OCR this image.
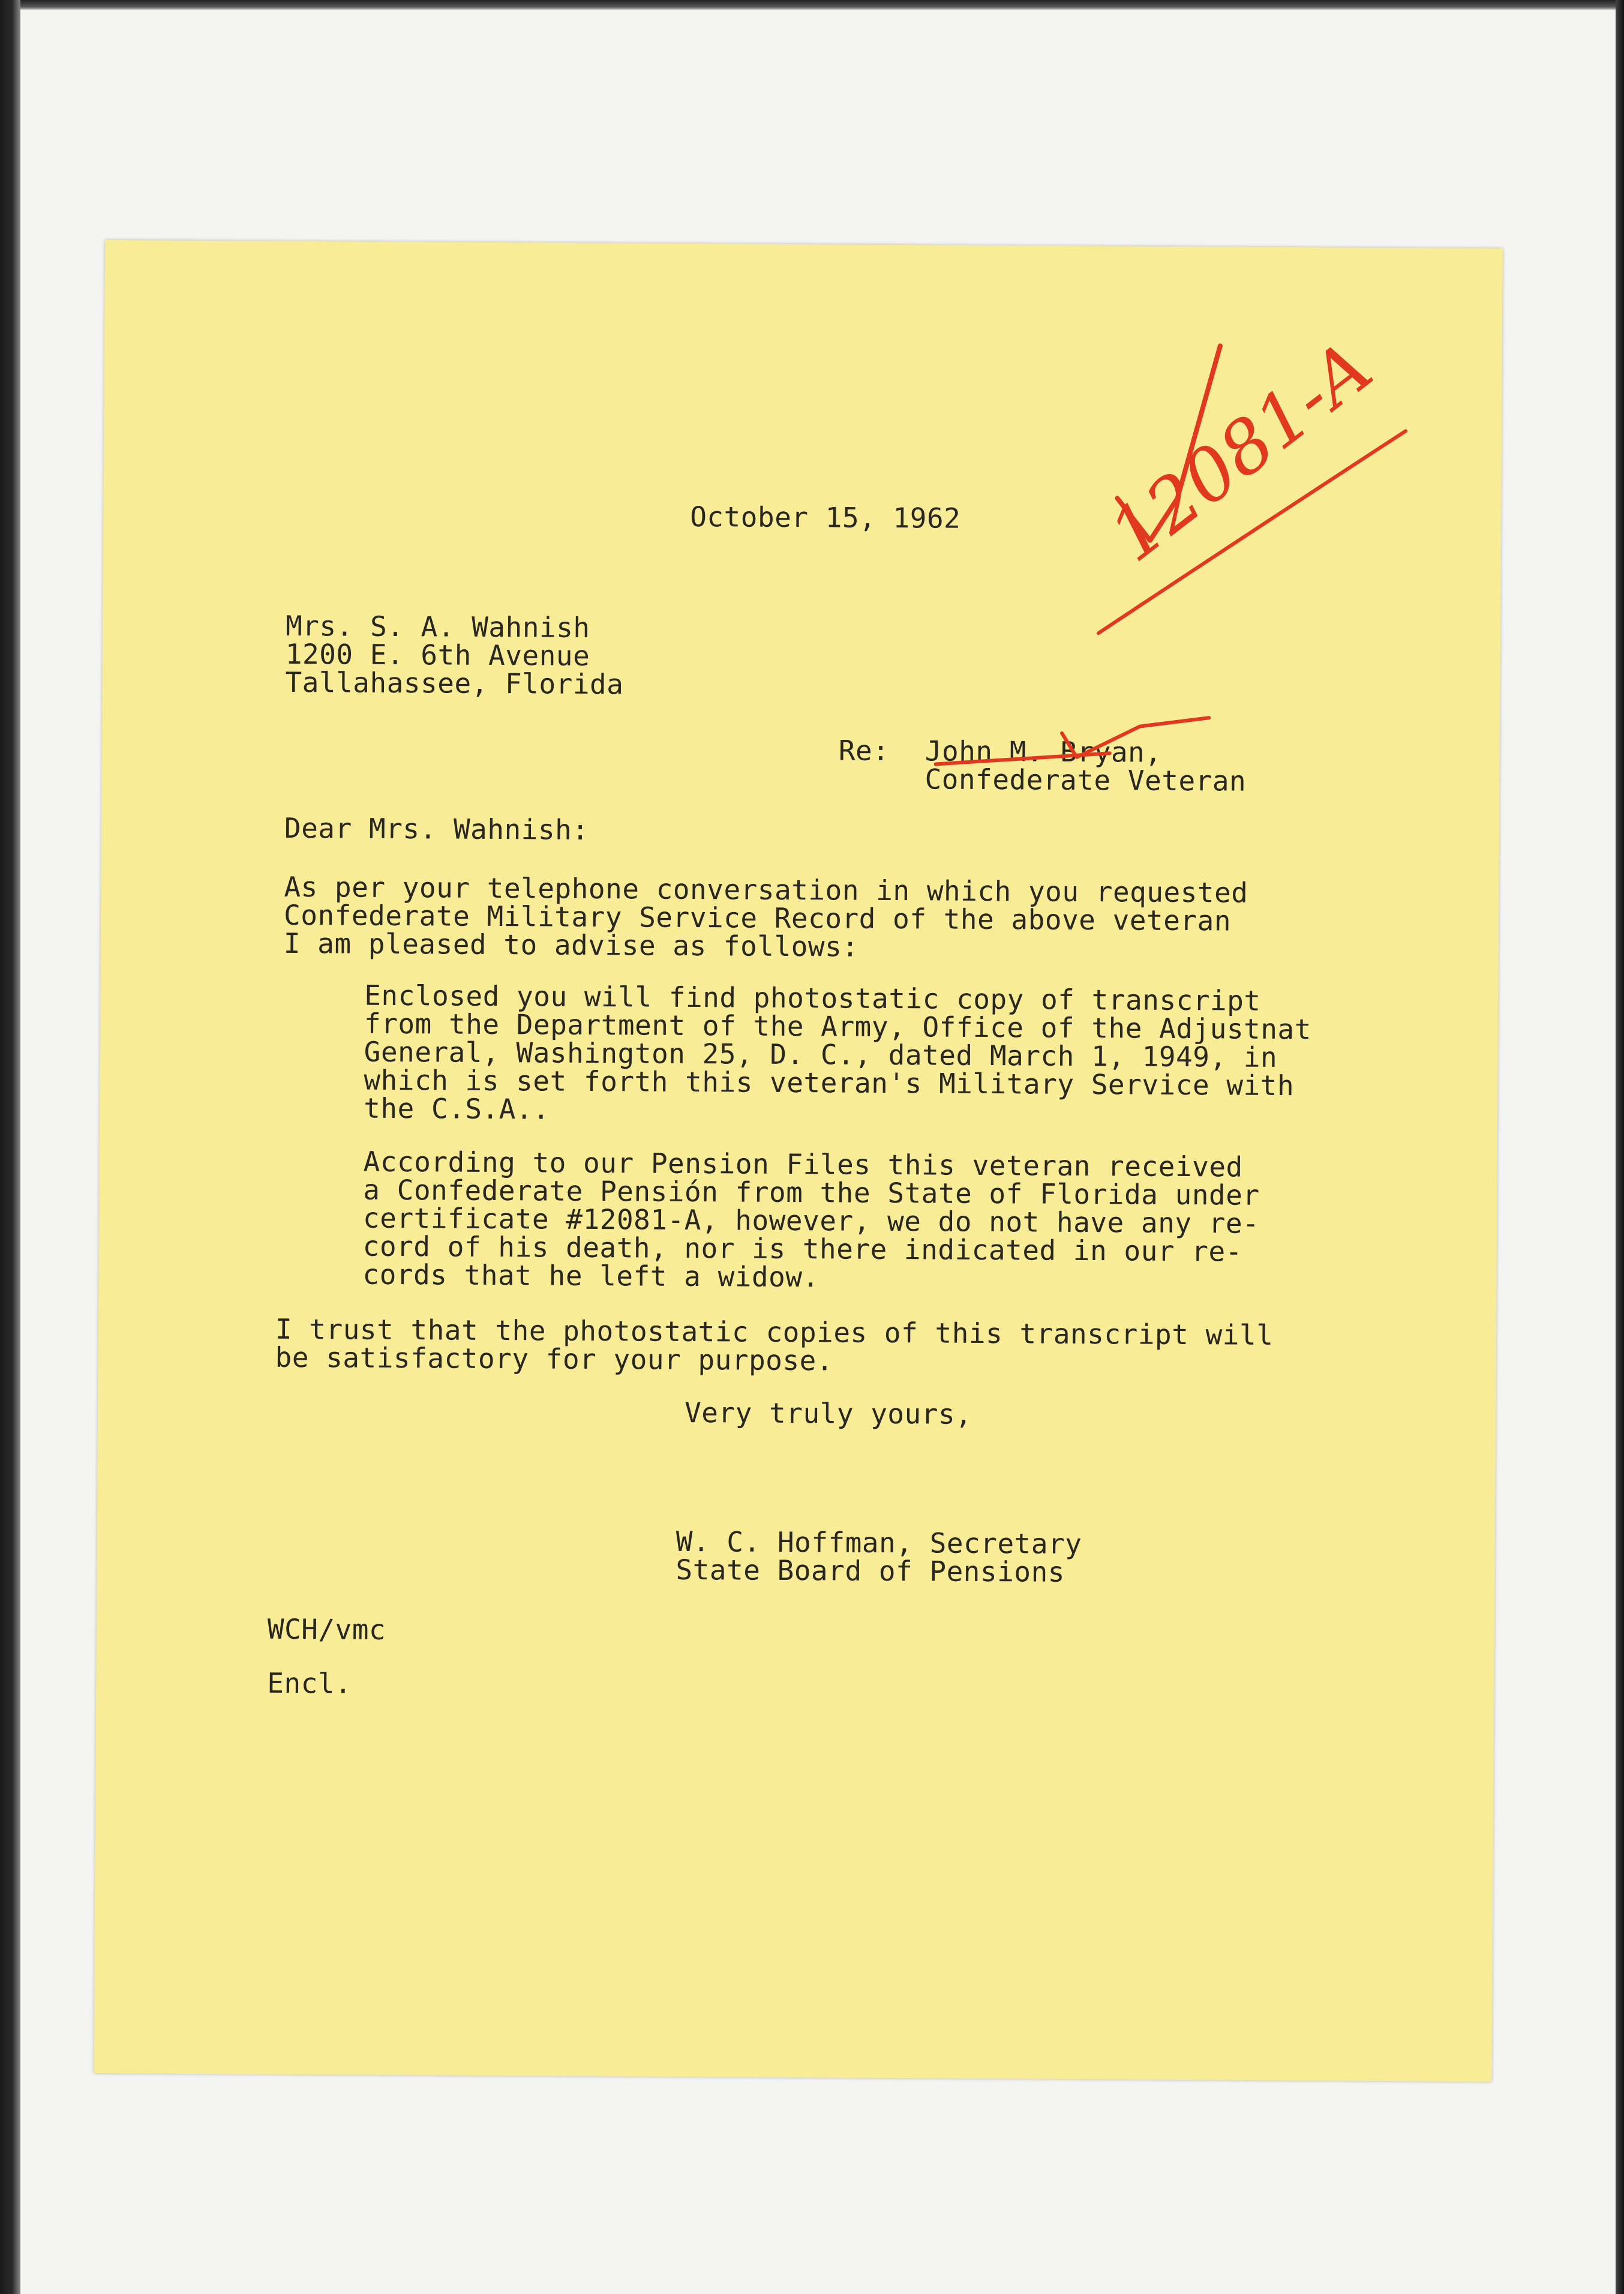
October 15, 1962

Mrs. S. A. Wahnish

1200 E. 6th Avenue

Tallahassee, Florida

Re: John M. Bryan,

Confederate Veteran

Dear Mrs. Wahnish:

As per your telephone conversation in which you requested

Confederate Military Service Record of the above veteran

I am pleased to advise as follows:

Enclosed you will find photostatic copy of transcript

from the Department of the Army, Office of the Adjustnat

General, Washington 25, D. C., dated March 1, 1949, in

which is set forth this veteran's Military Service with

the C.S.A..

According to our Pension Files this veteran received

a Confederate Pensión from the State of Florida under

certificate #12081-A, however, we do not have any re-

cord of his death, nor is there indicated in our re-

cords that he left a widow.

I trust that the photostatic copies of this transcript will

be satisfactory for your purpose.

Very truly yours,

W. C. Hoffman, Secretary

State Board of Pensions

WCH/vmc

Encl.

12081-A
